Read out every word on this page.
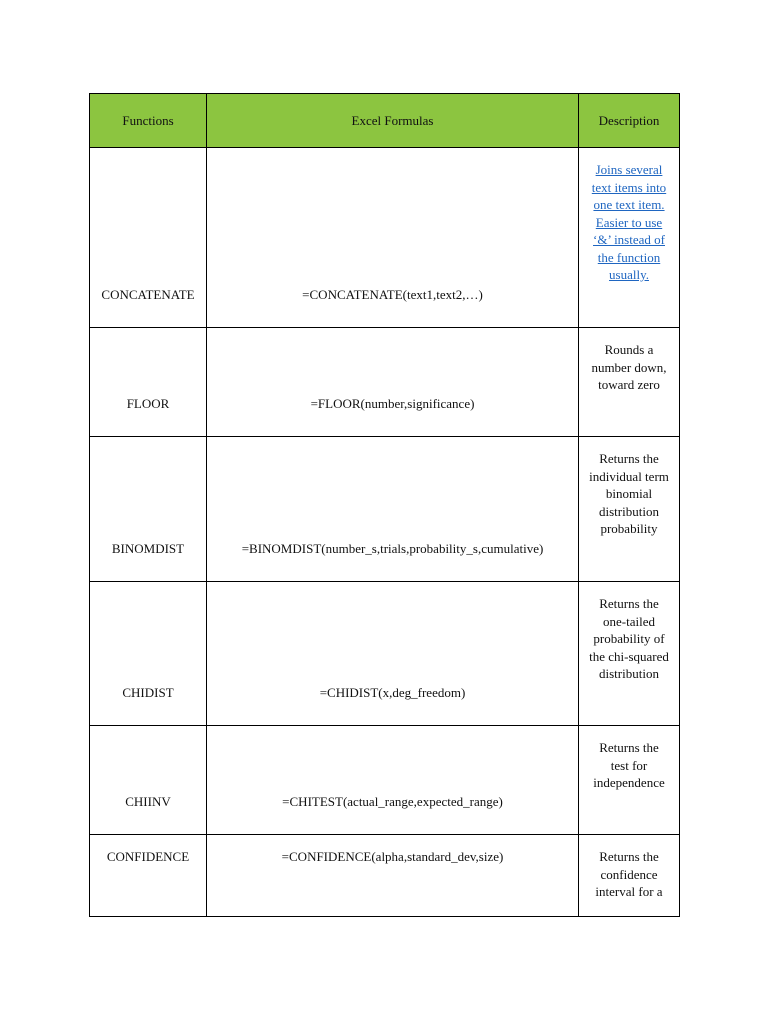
Functions	Excel Formulas	Description
CONCATENATE	=CONCATENATE(text1,text2,…)	Joins several text items into one text item. Easier to use ‘&’ instead of the function usually.
FLOOR	=FLOOR(number,significance)	Rounds a number down, toward zero
BINOMDIST	=BINOMDIST(number_s,trials,probability_s,cumulative)	Returns the individual term binomial distribution probability
CHIDIST	=CHIDIST(x,deg_freedom)	Returns the one-tailed probability of the chi-squared distribution
CHIINV	=CHITEST(actual_range,expected_range)	Returns the test for independence
CONFIDENCE	=CONFIDENCE(alpha,standard_dev,size)	Returns the confidence interval for a
